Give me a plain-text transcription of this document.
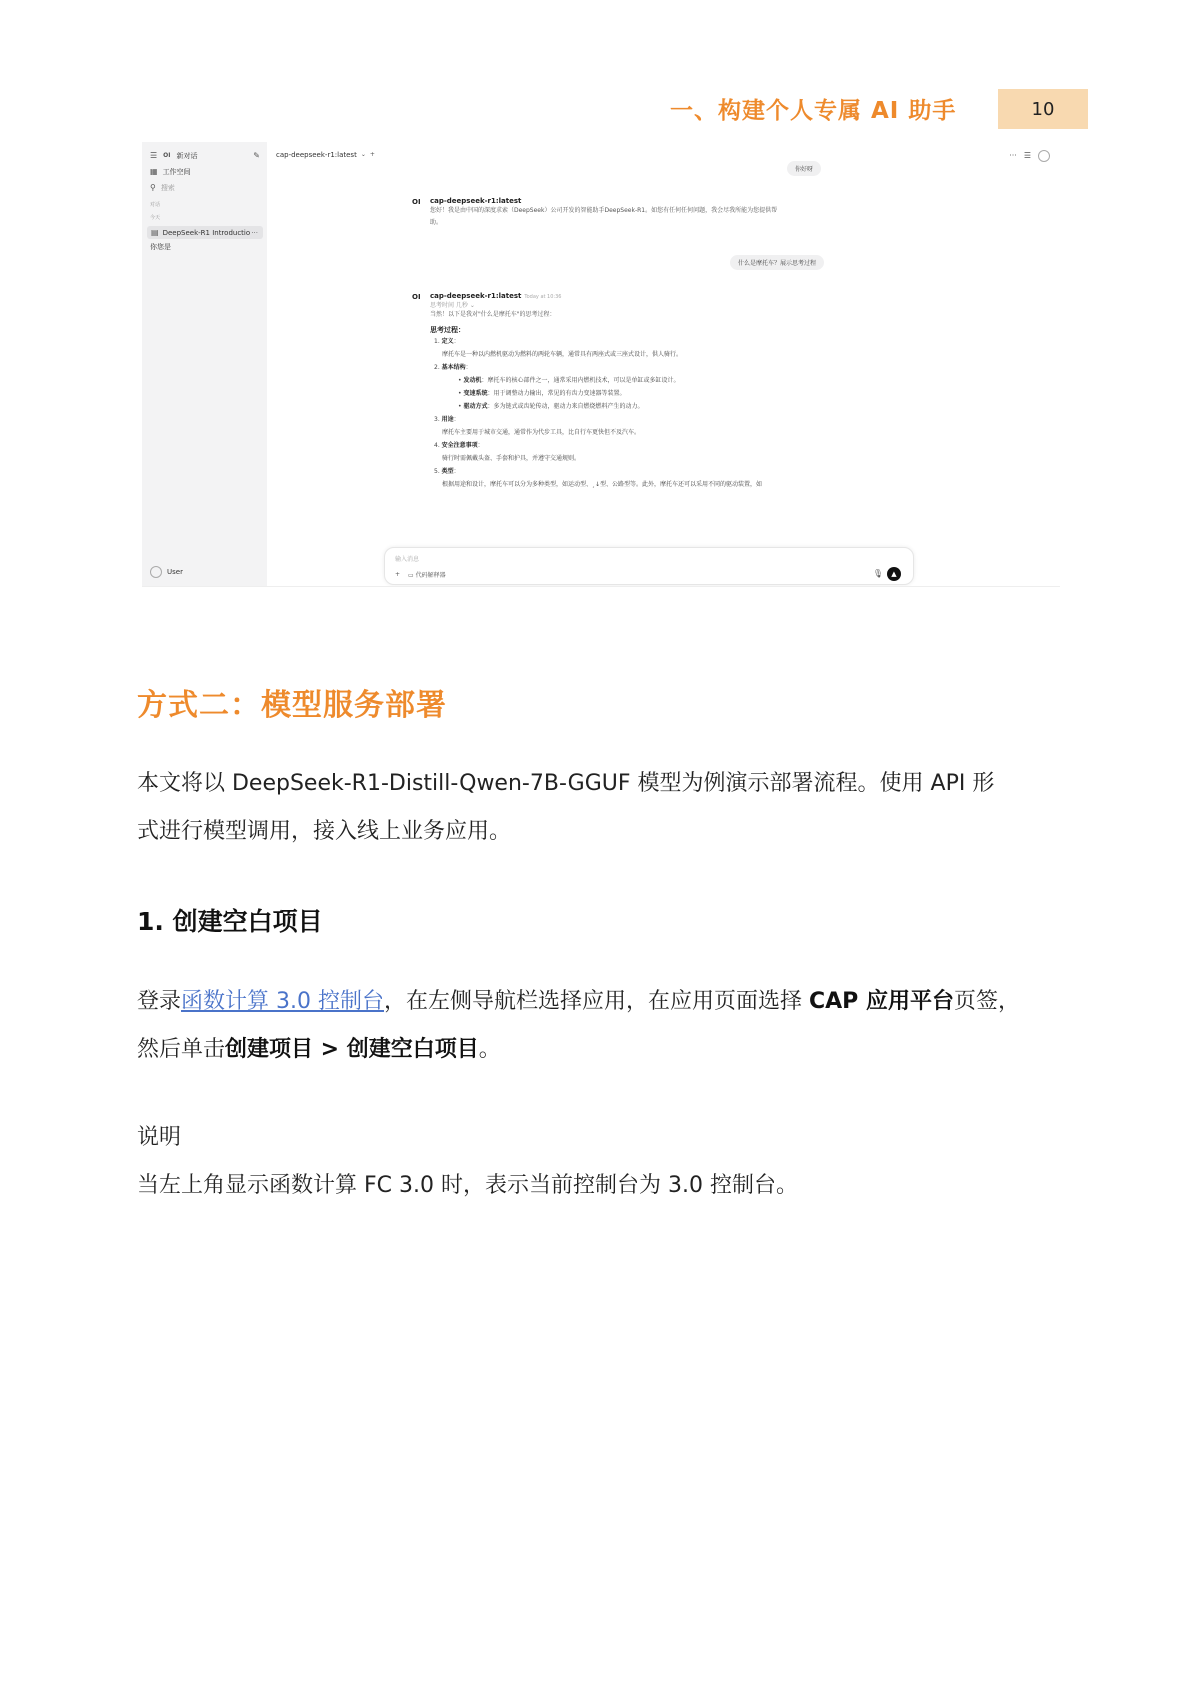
一、构建个人专属 AI 助手	10
☰ OI 新对话	✎
▦ 工作空间
⚲ 搜索
对话
今天
▤ DeepSeek-R1 Introductio ···
你您是
User
cap-deepseek-r1:latest ⌄ +	··· ☰
你好呀
OI cap-deepseek-r1:latest
您好！我是由中国的深度求索（DeepSeek）公司开发的智能助手DeepSeek-R1。如您有任何任何问题，我会尽我所能为您提供帮
助。
什么是摩托车？展示思考过程
OI cap-deepseek-r1:latest Today at 10:36
思考时间 几秒 ⌄
当然！以下是我对"什么是摩托车"的思考过程：
思考过程：
1. 定义：
摩托车是一种以内燃机驱动为燃料的两轮车辆，通常具有两座式或三座式设计，供人骑行。
2. 基本结构：
• 发动机：摩托车的核心部件之一，通常采用内燃机技术，可以是单缸或多缸设计。
• 变速系统：用于调整动力输出，常见的有齿力变速器等装置。
• 驱动方式：多为链式或齿轮传动，驱动力来自燃烧燃料产生的动力。
3. 用途：
摩托车主要用于城市交通，通常作为代步工具，比自行车更快但不及汽车。
4. 安全注意事项：
骑行时需佩戴头盔、手套和护具，并遵守交通规则。
5. 类型：
根据用途和设计，摩托车可以分为多种类型，如运动型、¸↓型、公路型等。此外，摩托车还可以采用不同的驱动装置，如
输入消息
+ ▭ 代码解释器	🎙	▲
方式二：模型服务部署
本文将以 DeepSeek-R1-Distill-Qwen-7B-GGUF 模型为例演示部署流程。使用 API 形
式进行模型调用，接入线上业务应用。
1. 创建空白项目
登录函数计算 3.0 控制台，在左侧导航栏选择应用，在应用页面选择 CAP 应用平台页签，
然后单击创建项目 > 创建空白项目。
说明
当左上角显示函数计算 FC 3.0 时，表示当前控制台为 3.0 控制台。
